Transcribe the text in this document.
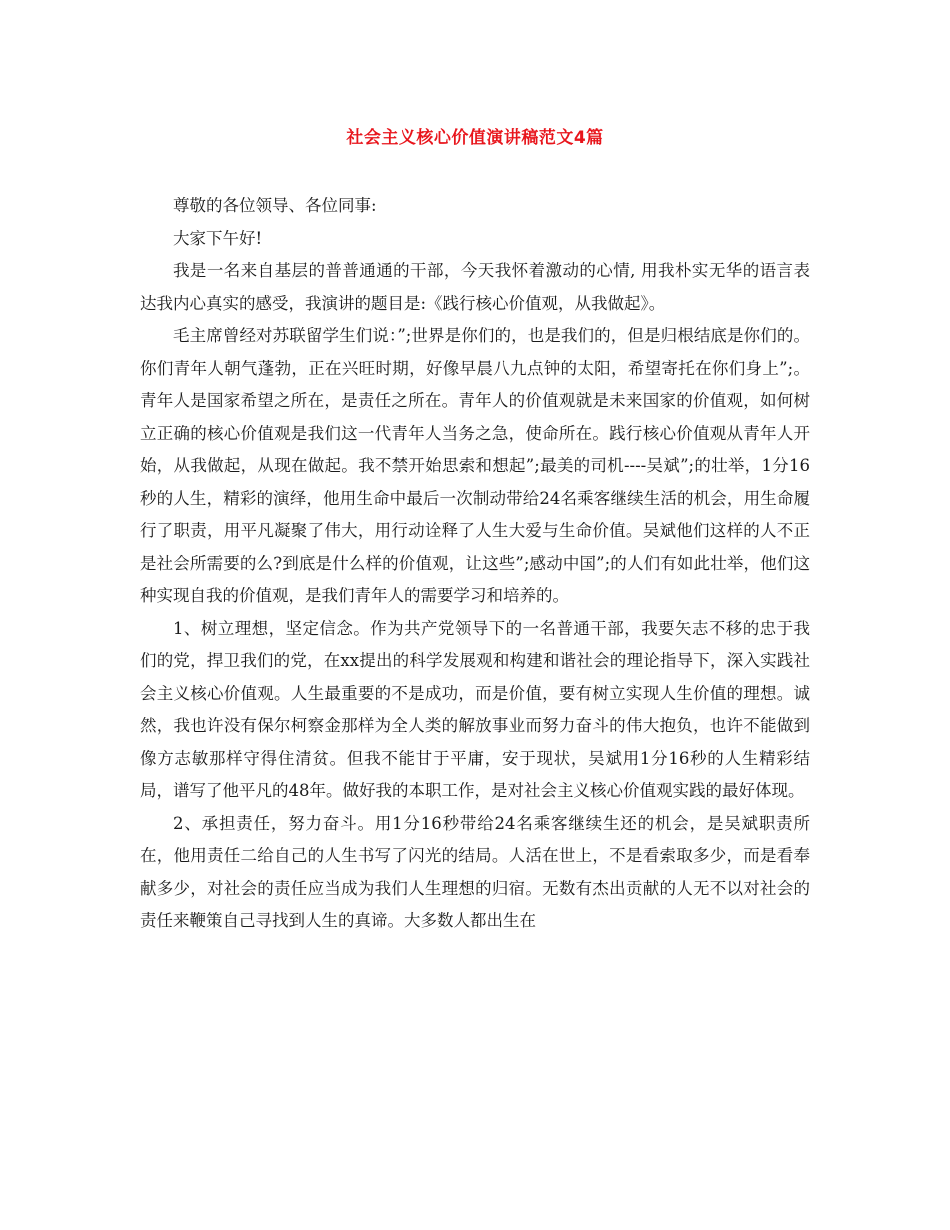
社会主义核心价值演讲稿范文4篇

尊敬的各位领导、各位同事:

大家下午好!

我是一名来自基层的普普通通的干部，今天我怀着激动的心情, 用我朴实无华的语言表达我内心真实的感受，我演讲的题目是:《践行核心价值观，从我做起》。

毛主席曾经对苏联留学生们说：”;世界是你们的，也是我们的，但是归根结底是你们的。你们青年人朝气蓬勃，正在兴旺时期，好像早晨八九点钟的太阳，希望寄托在你们身上”;。青年人是国家希望之所在，是责任之所在。青年人的价值观就是未来国家的价值观，如何树立正确的核心价值观是我们这一代青年人当务之急，使命所在。践行核心价值观从青年人开始，从我做起，从现在做起。我不禁开始思索和想起”;最美的司机----吴斌”;的壮举，1分16秒的人生，精彩的演绎，他用生命中最后一次制动带给24名乘客继续生活的机会，用生命履行了职责，用平凡凝聚了伟大，用行动诠释了人生大爱与生命价值。吴斌他们这样的人不正是社会所需要的么?到底是什么样的价值观，让这些”;感动中国”;的人们有如此壮举，他们这种实现自我的价值观，是我们青年人的需要学习和培养的。

1、树立理想，坚定信念。作为共产党领导下的一名普通干部，我要矢志不移的忠于我们的党，捍卫我们的党，在xx提出的科学发展观和构建和谐社会的理论指导下，深入实践社会主义核心价值观。人生最重要的不是成功，而是价值，要有树立实现人生价值的理想。诚然，我也许没有保尔柯察金那样为全人类的解放事业而努力奋斗的伟大抱负，也许不能做到像方志敏那样守得住清贫。但我不能甘于平庸，安于现状，吴斌用1分16秒的人生精彩结局，谱写了他平凡的48年。做好我的本职工作，是对社会主义核心价值观实践的最好体现。

2、承担责任，努力奋斗。用1分16秒带给24名乘客继续生还的机会，是吴斌职责所在，他用责任二给自己的人生书写了闪光的结局。人活在世上，不是看索取多少，而是看奉献多少，对社会的责任应当成为我们人生理想的归宿。无数有杰出贡献的人无不以对社会的责任来鞭策自己寻找到人生的真谛。大多数人都出生在
